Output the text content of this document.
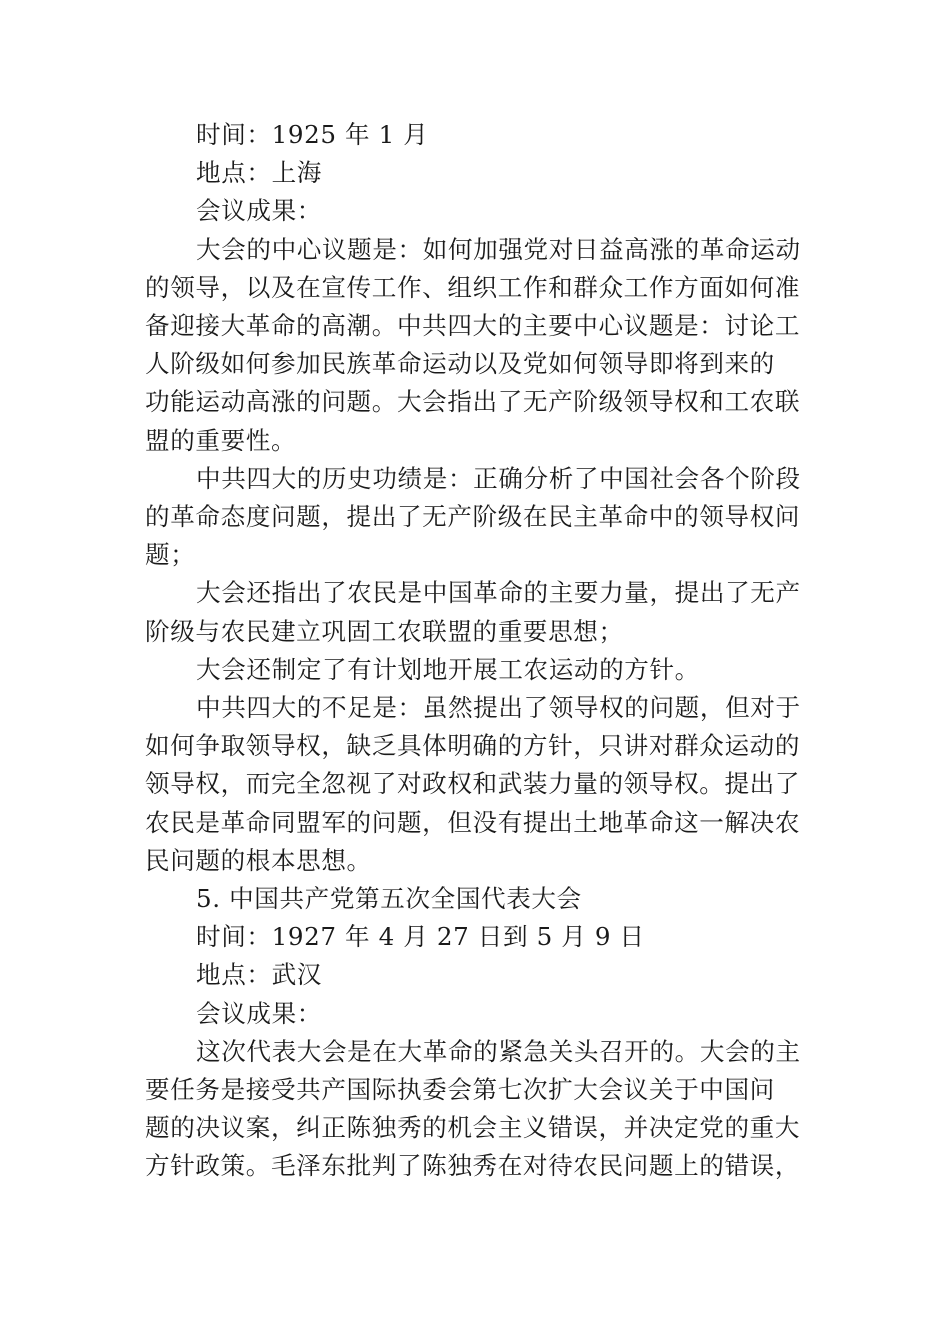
时间：1925 年 1 月
地点：上海
会议成果：
大会的中心议题是：如何加强党对日益高涨的革命运动
的领导，以及在宣传工作、组织工作和群众工作方面如何准
备迎接大革命的高潮。中共四大的主要中心议题是：讨论工
人阶级如何参加民族革命运动以及党如何领导即将到来的
功能运动高涨的问题。大会指出了无产阶级领导权和工农联
盟的重要性。
中共四大的历史功绩是：正确分析了中国社会各个阶段
的革命态度问题，提出了无产阶级在民主革命中的领导权问
题；
大会还指出了农民是中国革命的主要力量，提出了无产
阶级与农民建立巩固工农联盟的重要思想；
大会还制定了有计划地开展工农运动的方针。
中共四大的不足是：虽然提出了领导权的问题，但对于
如何争取领导权，缺乏具体明确的方针，只讲对群众运动的
领导权，而完全忽视了对政权和武装力量的领导权。提出了
农民是革命同盟军的问题，但没有提出土地革命这一解决农
民问题的根本思想。
5. 中国共产党第五次全国代表大会
时间：1927 年 4 月 27 日到 5 月 9 日
地点：武汉
会议成果：
这次代表大会是在大革命的紧急关头召开的。大会的主
要任务是接受共产国际执委会第七次扩大会议关于中国问
题的决议案，纠正陈独秀的机会主义错误，并决定党的重大
方针政策。毛泽东批判了陈独秀在对待农民问题上的错误，
